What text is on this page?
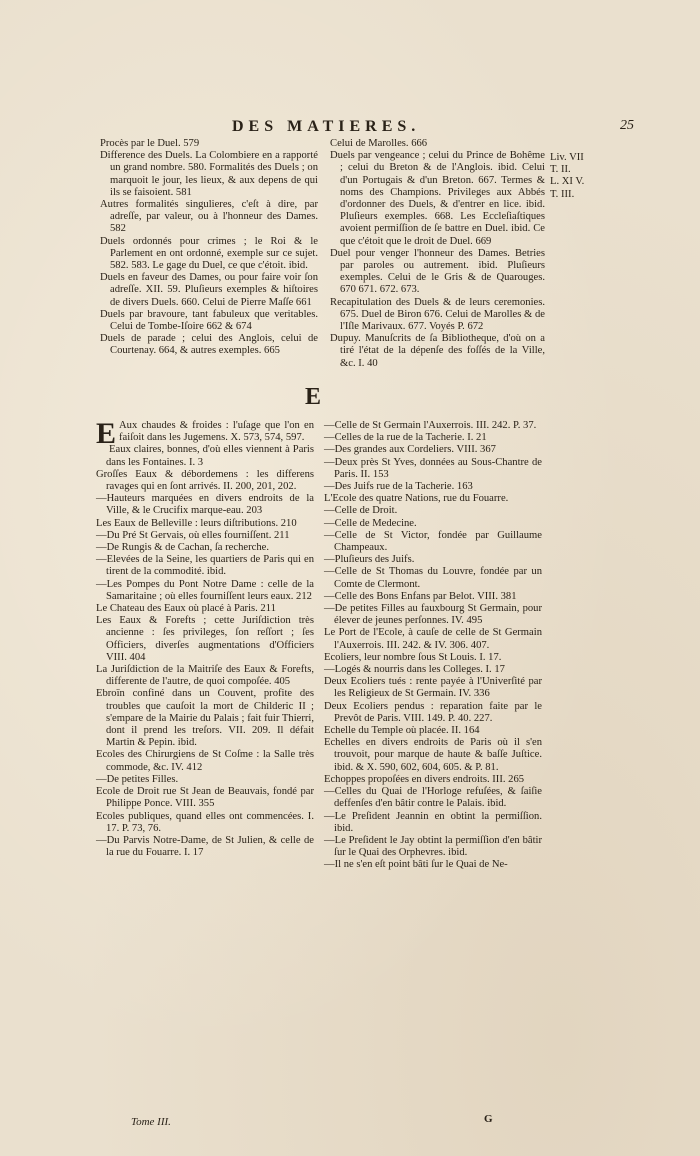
DES MATIERES.	25

Procès par le Duel. 579

Difference des Duels. La Colombiere en a rapporté un grand nombre. 580. Formalités des Duels ; on marquoit le jour, les lieux, & aux depens de qui ils se faisoient. 581

Autres formalités singulieres, c'eſt à dire, par adreſſe, par valeur, ou à l'honneur des Dames. 582

Duels ordonnés pour crimes ; le Roi & le Parlement en ont ordonné, exemple sur ce sujet. 582. 583. Le gage du Duel, ce que c'étoit. ibid.

Duels en faveur des Dames, ou pour faire voir ſon adreſſe. XII. 59. Pluſieurs exemples & hiſtoires de divers Duels. 660. Celui de Pierre Maſſe 661

Duels par bravoure, tant fabuleux que veritables. Celui de Tombe-Iſoire 662 & 674

Duels de parade ; celui des Anglois, celui de Courtenay. 664, & autres exemples. 665

Celui de Marolles. 666

Duels par vengeance ; celui du Prince de Bohême ; celui du Breton & de l'Anglois. ibid. Celui d'un Portugais & d'un Breton. 667. Termes & noms des Champions. Privileges aux Abbés d'ordonner des Duels, & d'entrer en lice. ibid. Pluſieurs exemples. 668. Les Eccleſiaſtiques avoient permiſſion de ſe battre en Duel. ibid. Ce que c'étoit que le droit de Duel. 669

Duel pour venger l'honneur des Dames. Betries par paroles ou autrement. ibid. Pluſieurs exemples. Celui de le Gris & de Quarouges. 670 671. 672. 673.

Recapitulation des Duels & de leurs ceremonies. 675. Duel de Biron 676. Celui de Marolles & de l'Iſle Marivaux. 677. Voyés P. 672

Dupuy. Manuſcrits de ſa Bibliotheque, d'où on a tiré l'état de la dépenſe des foſſés de la Ville, &c. I. 40

Liv. VII
T. II.
L. XI V.
T. III.
E

E Aux chaudes & froides : l'uſage que l'on en faiſoit dans les Jugemens. X. 573, 574, 597.

Eaux claires, bonnes, d'où elles viennent à Paris dans les Fontaines. I. 3

Groſſes Eaux & débordemens : les differens ravages qui en ſont arrivés. II. 200, 201, 202.

—Hauteurs marquées en divers endroits de la Ville, & le Crucifix marque-eau. 203

Les Eaux de Belleville : leurs diſtributions. 210

—Du Pré St Gervais, où elles fourniſſent. 211

—De Rungis & de Cachan, ſa recherche.

—Elevées de la Seine, les quartiers de Paris qui en tirent de la commodité. ibid.

—Les Pompes du Pont Notre Dame : celle de la Samaritaine ; où elles fourniſſent leurs eaux. 212

Le Chateau des Eaux où placé à Paris. 211

Les Eaux & Forefts ; cette Juriſdiction très ancienne : ſes privileges, ſon reſſort ; ſes Officiers, diverſes augmentations d'Officiers VIII. 404

La Juriſdiction de la Maitriſe des Eaux & Forefts, differente de l'autre, de quoi compoſée. 405

Ebroïn confiné dans un Couvent, profite des troubles que cauſoit la mort de Childeric II ; s'empare de la Mairie du Palais ; fait fuir Thierri, dont il prend les treſors. VII. 209. Il défait Martin & Pepin. ibid.

Ecoles des Chirurgiens de St Coſme : la Salle très commode, &c. IV. 412

—De petites Filles.

Ecole de Droit rue St Jean de Beauvais, fondé par Philippe Ponce. VIII. 355

Ecoles publiques, quand elles ont commencées. I. 17. P. 73, 76.

—Du Parvis Notre-Dame, de St Julien, & celle de la rue du Fouarre. I. 17

—Celle de St Germain l'Auxerrois. III. 242. P. 37.

—Celles de la rue de la Tacherie. I. 21

—Des grandes aux Cordeliers. VIII. 367

—Deux près St Yves, données au Sous-Chantre de Paris. II. 153

—Des Juifs rue de la Tacherie. 163

L'Ecole des quatre Nations, rue du Fouarre.

—Celle de Droit.

—Celle de Medecine.

—Celle de St Victor, fondée par Guillaume Champeaux.

—Pluſieurs des Juifs.

—Celle de St Thomas du Louvre, fondée par un Comte de Clermont.

—Celle des Bons Enfans par Belot. VIII. 381

—De petites Filles au fauxbourg St Germain, pour élever de jeunes perſonnes. IV. 495

Le Port de l'Ecole, à cauſe de celle de St Germain l'Auxerrois. III. 242. & IV. 306. 407.

Ecoliers, leur nombre ſous St Louis. I. 17.

—Logés & nourris dans les Colleges. I. 17

Deux Ecoliers tués : rente payée à l'Univerſité par les Religieux de St Germain. IV. 336

Deux Ecoliers pendus : reparation faite par le Prevôt de Paris. VIII. 149. P. 40. 227.

Echelle du Temple où placée. II. 164

Echelles en divers endroits de Paris où il s'en trouvoit, pour marque de haute & baſſe Juſtice. ibid. & X. 590, 602, 604, 605. & P. 81.

Echoppes propoſées en divers endroits. III. 265

—Celles du Quai de l'Horloge refuſées, & ſaiſie deffenſes d'en bâtir contre le Palais. ibid.

—Le Preſident Jeannin en obtint la permiſſion. ibid.

—Le Preſident le Jay obtint la permiſſion d'en bâtir ſur le Quai des Orphevres. ibid.

—Il ne s'en eſt point bâti ſur le Quai de Ne-

Tome III.	G
